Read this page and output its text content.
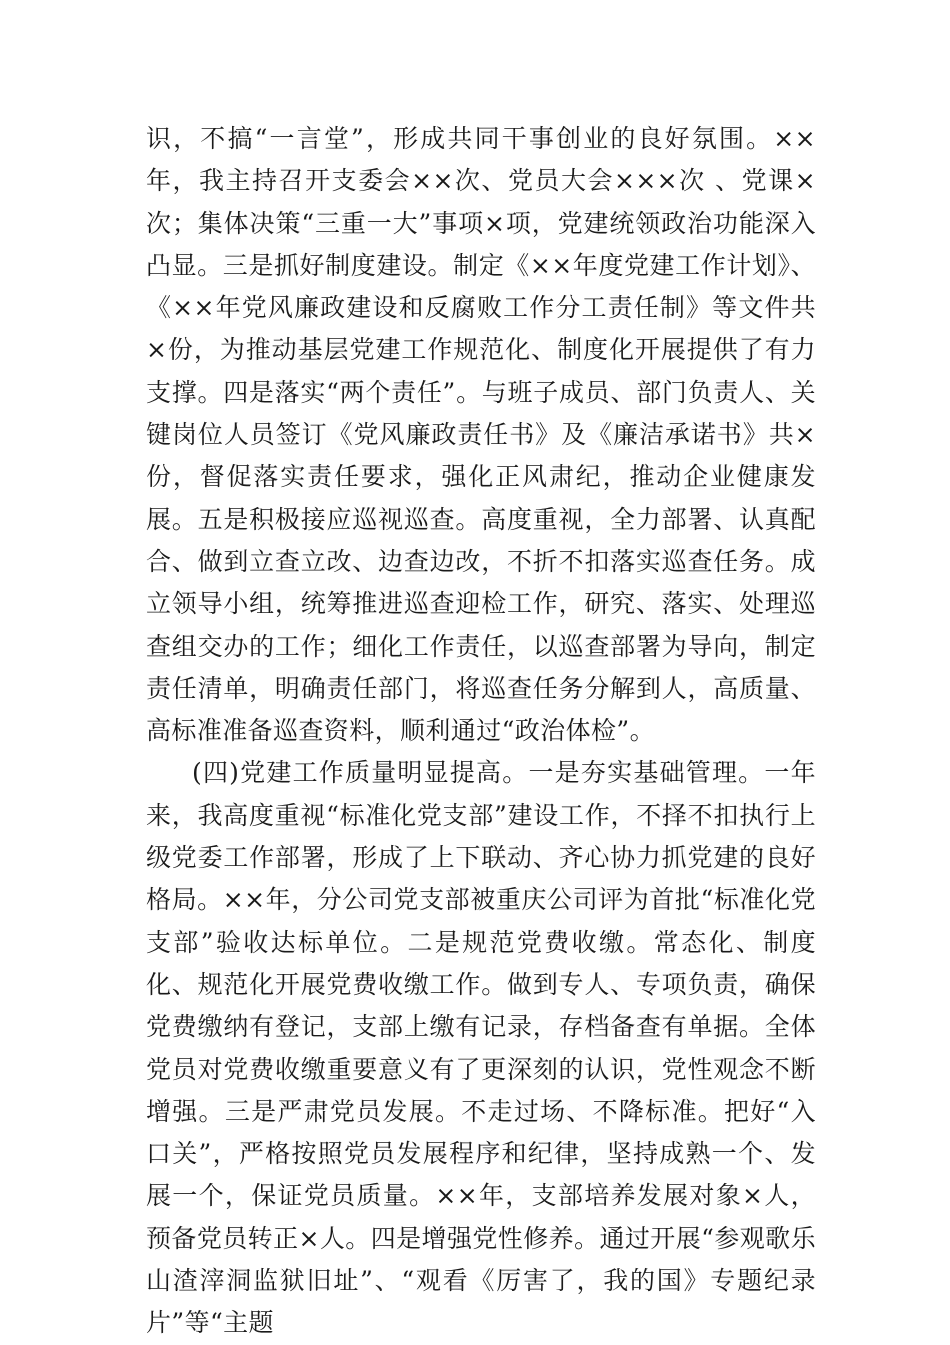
识，不搞“一言堂”，形成共同干事创业的良好氛围。××年，我主持召开支委会××次、党员大会×××次 、党课×次；集体决策“三重一大”事项×项，党建统领政治功能深入凸显。三是抓好制度建设。制定《××年度党建工作计划》、《××年党风廉政建设和反腐败工作分工责任制》等文件共×份，为推动基层党建工作规范化、制度化开展提供了有力支撑。四是落实“两个责任”。与班子成员、部门负责人、关键岗位人员签订《党风廉政责任书》及《廉洁承诺书》共×份，督促落实责任要求，强化正风肃纪，推动企业健康发展。五是积极接应巡视巡查。高度重视，全力部署、认真配合、做到立查立改、边查边改，不折不扣落实巡查任务。成立领导小组，统筹推进巡查迎检工作，研究、落实、处理巡查组交办的工作；细化工作责任，以巡查部署为导向，制定责任清单，明确责任部门，将巡查任务分解到人，高质量、高标准准备巡查资料，顺利通过“政治体检”。

(四)党建工作质量明显提高。一是夯实基础管理。一年来，我高度重视“标准化党支部”建设工作，不择不扣执行上级党委工作部署，形成了上下联动、齐心协力抓党建的良好格局。××年，分公司党支部被重庆公司评为首批“标准化党支部”验收达标单位。二是规范党费收缴。常态化、制度化、规范化开展党费收缴工作。做到专人、专项负责，确保党费缴纳有登记，支部上缴有记录，存档备查有单据。全体党员对党费收缴重要意义有了更深刻的认识，党性观念不断增强。三是严肃党员发展。不走过场、不降标准。把好“入口关”，严格按照党员发展程序和纪律，坚持成熟一个、发展一个，保证党员质量。××年，支部培养发展对象×人，预备党员转正×人。四是增强党性修养。通过开展“参观歌乐山渣滓洞监狱旧址”、“观看《厉害了，我的国》专题纪录片”等“主题
